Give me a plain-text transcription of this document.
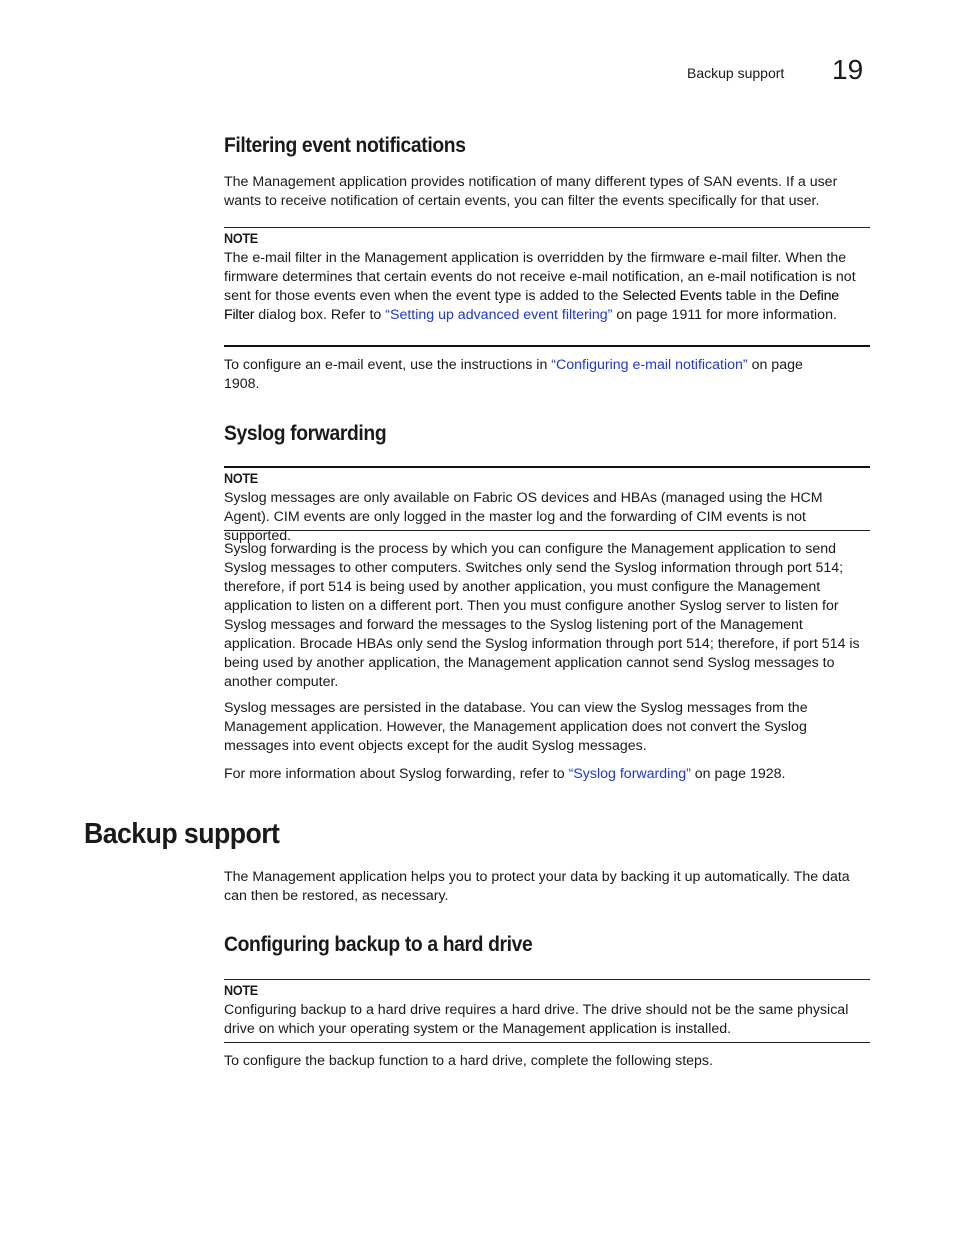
Backup support 19
Filtering event notifications

The Management application provides notification of many different types of SAN events. If a user wants to receive notification of certain events, you can filter the events specifically for that user.

NOTE
The e-mail filter in the Management application is overridden by the firmware e-mail filter. When the firmware determines that certain events do not receive e-mail notification, an e-mail notification is not sent for those events even when the event type is added to the Selected Events table in the Define Filter dialog box. Refer to “Setting up advanced event filtering” on page 1911 for more information.

To configure an e-mail event, use the instructions in “Configuring e-mail notification” on page 1908.

Syslog forwarding
NOTE
Syslog messages are only available on Fabric OS devices and HBAs (managed using the HCM Agent). CIM events are only logged in the master log and the forwarding of CIM events is not supported.

Syslog forwarding is the process by which you can configure the Management application to send Syslog messages to other computers. Switches only send the Syslog information through port 514; therefore, if port 514 is being used by another application, you must configure the Management application to listen on a different port. Then you must configure another Syslog server to listen for Syslog messages and forward the messages to the Syslog listening port of the Management application. Brocade HBAs only send the Syslog information through port 514; therefore, if port 514 is being used by another application, the Management application cannot send Syslog messages to another computer.

Syslog messages are persisted in the database. You can view the Syslog messages from the Management application. However, the Management application does not convert the Syslog messages into event objects except for the audit Syslog messages.

For more information about Syslog forwarding, refer to “Syslog forwarding” on page 1928.

Backup support

The Management application helps you to protect your data by backing it up automatically. The data can then be restored, as necessary.

Configuring backup to a hard drive
NOTE
Configuring backup to a hard drive requires a hard drive. The drive should not be the same physical drive on which your operating system or the Management application is installed.

To configure the backup function to a hard drive, complete the following steps.
